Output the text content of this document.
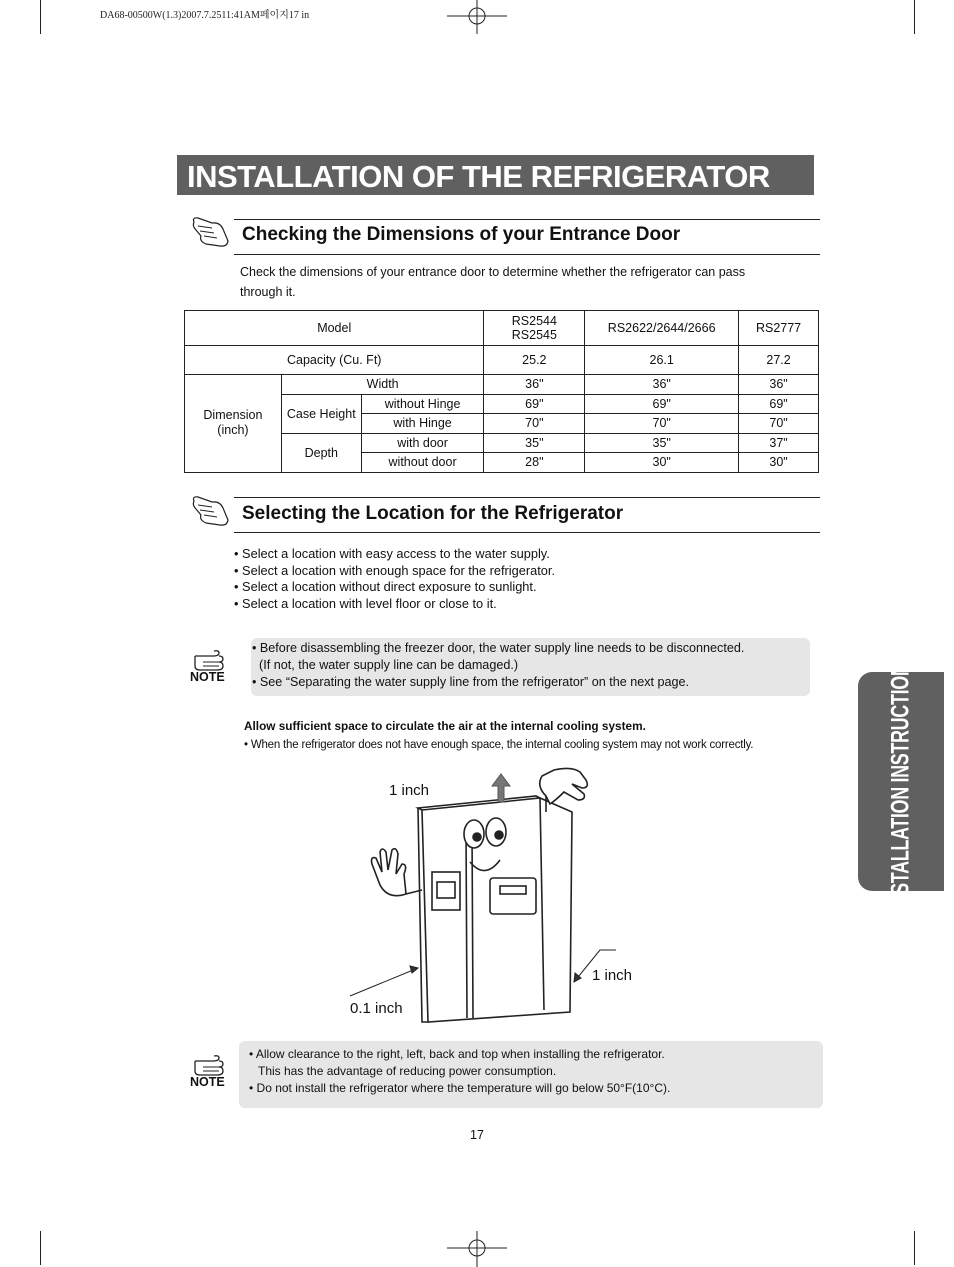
DA68-00500W(1.3)2007.7.2511:41AM페이지17 in
INSTALLATION OF THE REFRIGERATOR
Checking the Dimensions of your Entrance Door
Check the dimensions of your entrance door to determine whether the refrigerator can pass
through it.
Model			RS2544
RS2545	RS2622/2644/2666	RS2777
Capacity (Cu. Ft)			25.2	26.1	27.2

Dimension
(inch)	Width		36"	36"	36"
	Case Height	without Hinge	69"	69"	69"
		with Hinge	70"	70"	70"
	Depth	with door	35"	35"	37"
		without door	28"	30"	30"
Selecting the Location for the Refrigerator
• Select a location with easy access to the water supply.
• Select a location with enough space for the refrigerator.
• Select a location without direct exposure to sunlight.
• Select a location with level floor or close to it.
NOTE
• Before disassembling the freezer door, the water supply line needs to be disconnected.
(If not, the water supply line can be damaged.)
• See “Separating the water supply line from the refrigerator” on the next page.
Allow sufficient space to circulate the air at the internal cooling system.
• When the refrigerator does not have enough space, the internal cooling system may not work correctly.
1 inch
1 inch
0.1 inch
NOTE
• Allow clearance to the right, left, back and top when installing the refrigerator.
This has the advantage of reducing power consumption.
• Do not install the refrigerator where the temperature will go below 50°F(10°C).
INSTALLATION INSTRUCTIONS
17
